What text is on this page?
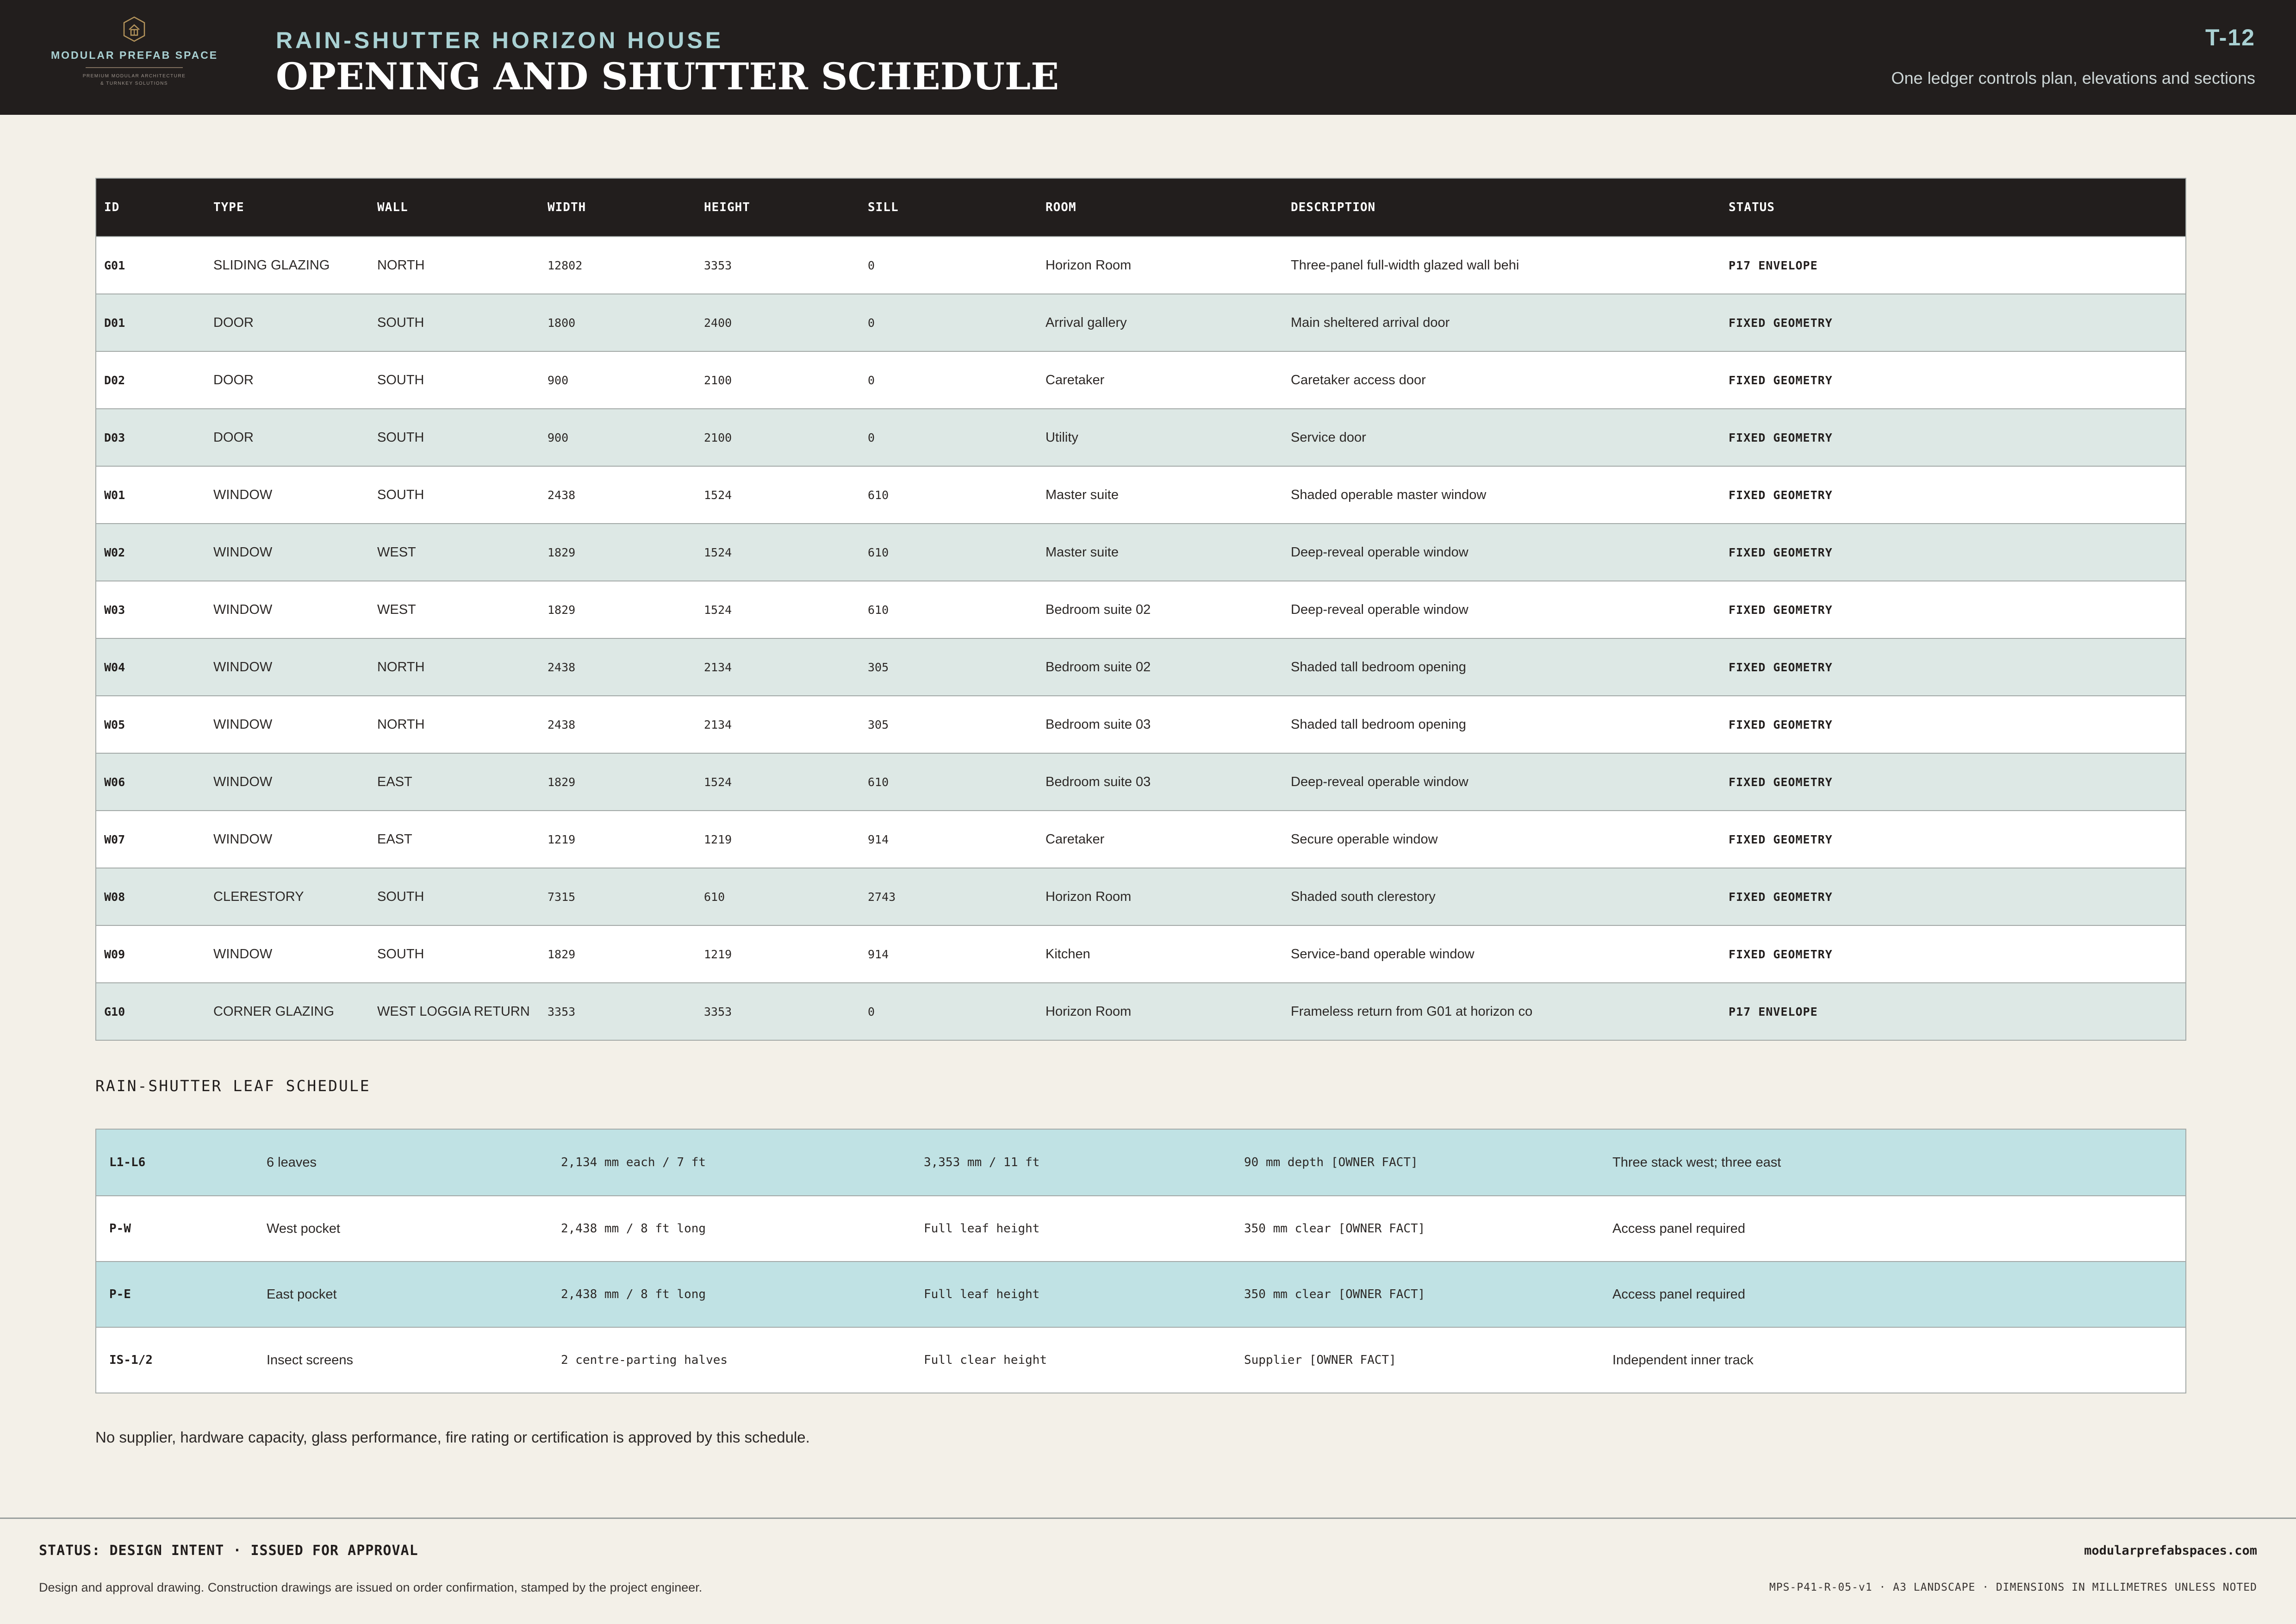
MODULAR PREFAB SPACE
PREMIUM MODULAR ARCHITECTURE
& TURNKEY SOLUTIONS
RAIN-SHUTTER HORIZON HOUSE
OPENING AND SHUTTER SCHEDULE
T-12
One ledger controls plan, elevations and sections
ID	TYPE	WALL	WIDTH	HEIGHT	SILL	ROOM	DESCRIPTION	STATUS
G01	SLIDING GLAZING	NORTH	12802	3353	0	Horizon Room	Three-panel full-width glazed wall behi	P17 ENVELOPE
D01	DOOR	SOUTH	1800	2400	0	Arrival gallery	Main sheltered arrival door	FIXED GEOMETRY
D02	DOOR	SOUTH	900	2100	0	Caretaker	Caretaker access door	FIXED GEOMETRY
D03	DOOR	SOUTH	900	2100	0	Utility	Service door	FIXED GEOMETRY
W01	WINDOW	SOUTH	2438	1524	610	Master suite	Shaded operable master window	FIXED GEOMETRY
W02	WINDOW	WEST	1829	1524	610	Master suite	Deep-reveal operable window	FIXED GEOMETRY
W03	WINDOW	WEST	1829	1524	610	Bedroom suite 02	Deep-reveal operable window	FIXED GEOMETRY
W04	WINDOW	NORTH	2438	2134	305	Bedroom suite 02	Shaded tall bedroom opening	FIXED GEOMETRY
W05	WINDOW	NORTH	2438	2134	305	Bedroom suite 03	Shaded tall bedroom opening	FIXED GEOMETRY
W06	WINDOW	EAST	1829	1524	610	Bedroom suite 03	Deep-reveal operable window	FIXED GEOMETRY
W07	WINDOW	EAST	1219	1219	914	Caretaker	Secure operable window	FIXED GEOMETRY
W08	CLERESTORY	SOUTH	7315	610	2743	Horizon Room	Shaded south clerestory	FIXED GEOMETRY
W09	WINDOW	SOUTH	1829	1219	914	Kitchen	Service-band operable window	FIXED GEOMETRY
G10	CORNER GLAZING	WEST LOGGIA RETURN	3353	3353	0	Horizon Room	Frameless return from G01 at horizon co	P17 ENVELOPE
RAIN-SHUTTER LEAF SCHEDULE
L1-L6	6 leaves	2,134 mm each / 7 ft	3,353 mm / 11 ft	90 mm depth [OWNER FACT]	Three stack west; three east
P-W	West pocket	2,438 mm / 8 ft long	Full leaf height	350 mm clear [OWNER FACT]	Access panel required
P-E	East pocket	2,438 mm / 8 ft long	Full leaf height	350 mm clear [OWNER FACT]	Access panel required
IS-1/2	Insect screens	2 centre-parting halves	Full clear height	Supplier [OWNER FACT]	Independent inner track
No supplier, hardware capacity, glass performance, fire rating or certification is approved by this schedule.
STATUS: DESIGN INTENT · ISSUED FOR APPROVAL
Design and approval drawing. Construction drawings are issued on order confirmation, stamped by the project engineer.
modularprefabspaces.com
MPS-P41-R-05-v1 · A3 LANDSCAPE · DIMENSIONS IN MILLIMETRES UNLESS NOTED
